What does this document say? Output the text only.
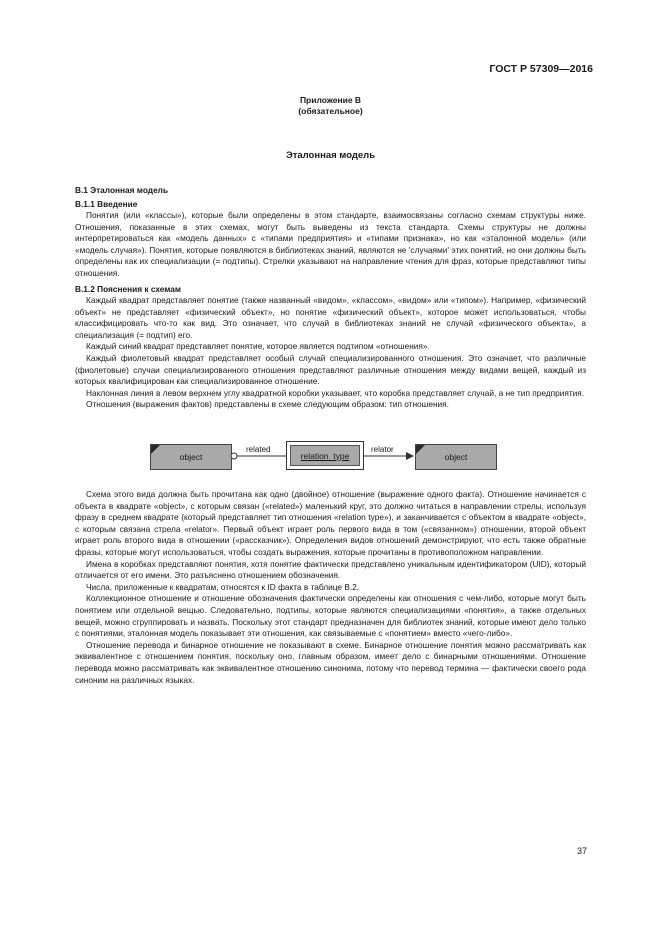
ГОСТ Р 57309—2016
Приложение В
(обязательное)
Эталонная модель
В.1 Эталонная модель
В.1.1 Введение

Понятия (или «классы»), которые были определены в этом стандарте, взаимосвязаны согласно схемам структуры ниже. Отношения, показанные в этих схемах, могут быть выведены из текста стандарта. Схемы структуры не должны интерпретироваться как «модель данных» с «типами предприятия» и «типами признака», но как «эталонной модель» (или «модель случая»). Понятия, которые появляются в библиотеках знаний, являются не 'случаями' этих понятий, но они должны быть определены как их специализации (= подтипы). Стрелки указывают на направление чтения для фраз, которые представляют типы отношения.

В.1.2 Пояснения к схемам

Каждый квадрат представляет понятие (также названный «видом», «классом», «видом» или «типом»). Например, «физический объект» не представляет «физический объект», но понятие «физический объект», которое может использоваться, чтобы классифицировать что-то как вид. Это означает, что случай в библиотеках знаний не случай «физического объекта», а специализация (= подтип) его.

Каждый синий квадрат представляет понятие, которое является подтипом «отношения».

Каждый фиолетовый квадрат представляет особый случай специализированного отношения. Это означает, что различные (фиолетовые) случаи специализированного отношения представляют различные отношения между видами вещей, каждый из которых квалифицирован как специализированное отношение.

Наклонная линия в левом верхнем углу квадратной коробки указывает, что коробка представляет случай, а не тип предприятия.

Отношения (выражения фактов) представлены в схеме следующим образом: тип отношения.

object
related
relation_type
relator
object

Схема этого вида должна быть прочитана как одно (двойное) отношение (выражение одного факта). Отношение начинается с объекта в квадрате «object», с которым связан («related») маленький круг, это должно читаться в направлении стрелы, используя фразу в среднем квадрате (который представляет тип отношения «relation type»), и заканчивается с объектом в квадрате «object», с которым связана стрела «relator». Первый объект играет роль первого вида в том («связанном») отношении, второй объект играет роль второго вида в отношении («рассказчик»). Определения видов отношений демонстрируют, что есть также обратные фразы, которые могут использоваться, чтобы создать выражения, которые прочитаны в противоположном направлении.

Имена в коробках представляют понятия, хотя понятие фактически представлено уникальным идентификатором (UID), который отличается от его имени. Это разъяснено отношением обозначения.

Числа, приложенные к квадратам, относятся к ID факта в таблице В.2.

Коллекционное отношение и отношение обозначения фактически определены как отношения с чем-либо, которые могут быть понятием или отдельной вещью. Следовательно, подтипы, которые являются специализациями «понятия», а также отдельных вещей, можно сгруппировать и назвать. Поскольку этот стандарт предназначен для библиотек знаний, которые имеют дело только с понятиями, эталонная модель показывает эти отношения, как связываемые с «понятием» вместо «чего-либо».

Отношение перевода и бинарное отношение не показывают в схеме. Бинарное отношение понятия можно рассматривать как эквивалентное с отношением понятия, поскольку оно, главным образом, имеет дело с бинарными отношениями. Отношение перевода можно рассматривать как эквивалентное отношению синонима, потому что перевод термина — фактически своего рода синоним на различных языках.

37
